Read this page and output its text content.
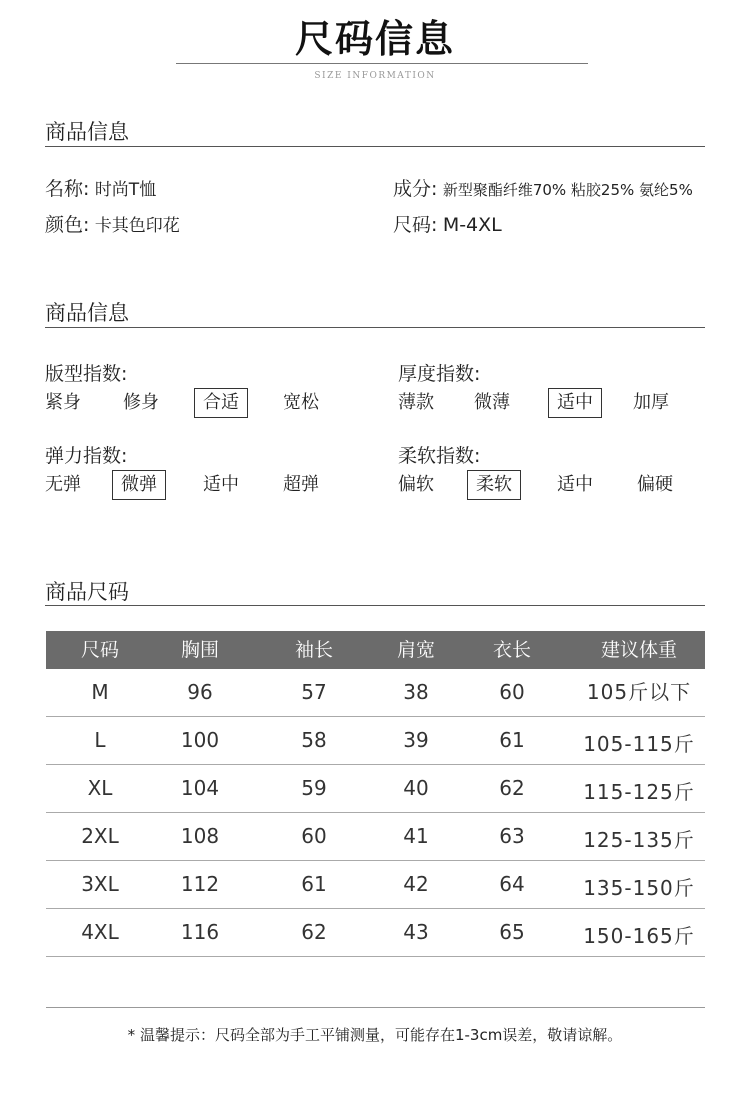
尺码信息
SIZE INFORMATION
商品信息
名称: 时尚T恤	成分: 新型聚酯纤维70% 粘胶25% 氨纶5%
颜色: 卡其色印花	尺码: M-4XL
商品信息
版型指数:
紧身 修身	合适	宽松
厚度指数:
薄款 微薄	适中	加厚
弹力指数:
无弹	微弹	适中 超弹
柔软指数:
偏软	柔软	适中 偏硬
商品尺码
尺码	胸围	袖长	肩宽	衣长	建议体重
M	96	57	38	60	105斤以下
L	100	58	39	61	105-115斤
XL	104	59	40	62	115-125斤
2XL	108	60	41	63	125-135斤
3XL	112	61	42	64	135-150斤
4XL	116	62	43	65	150-165斤
* 温馨提示：尺码全部为手工平铺测量，可能存在1-3cm误差，敬请谅解。
